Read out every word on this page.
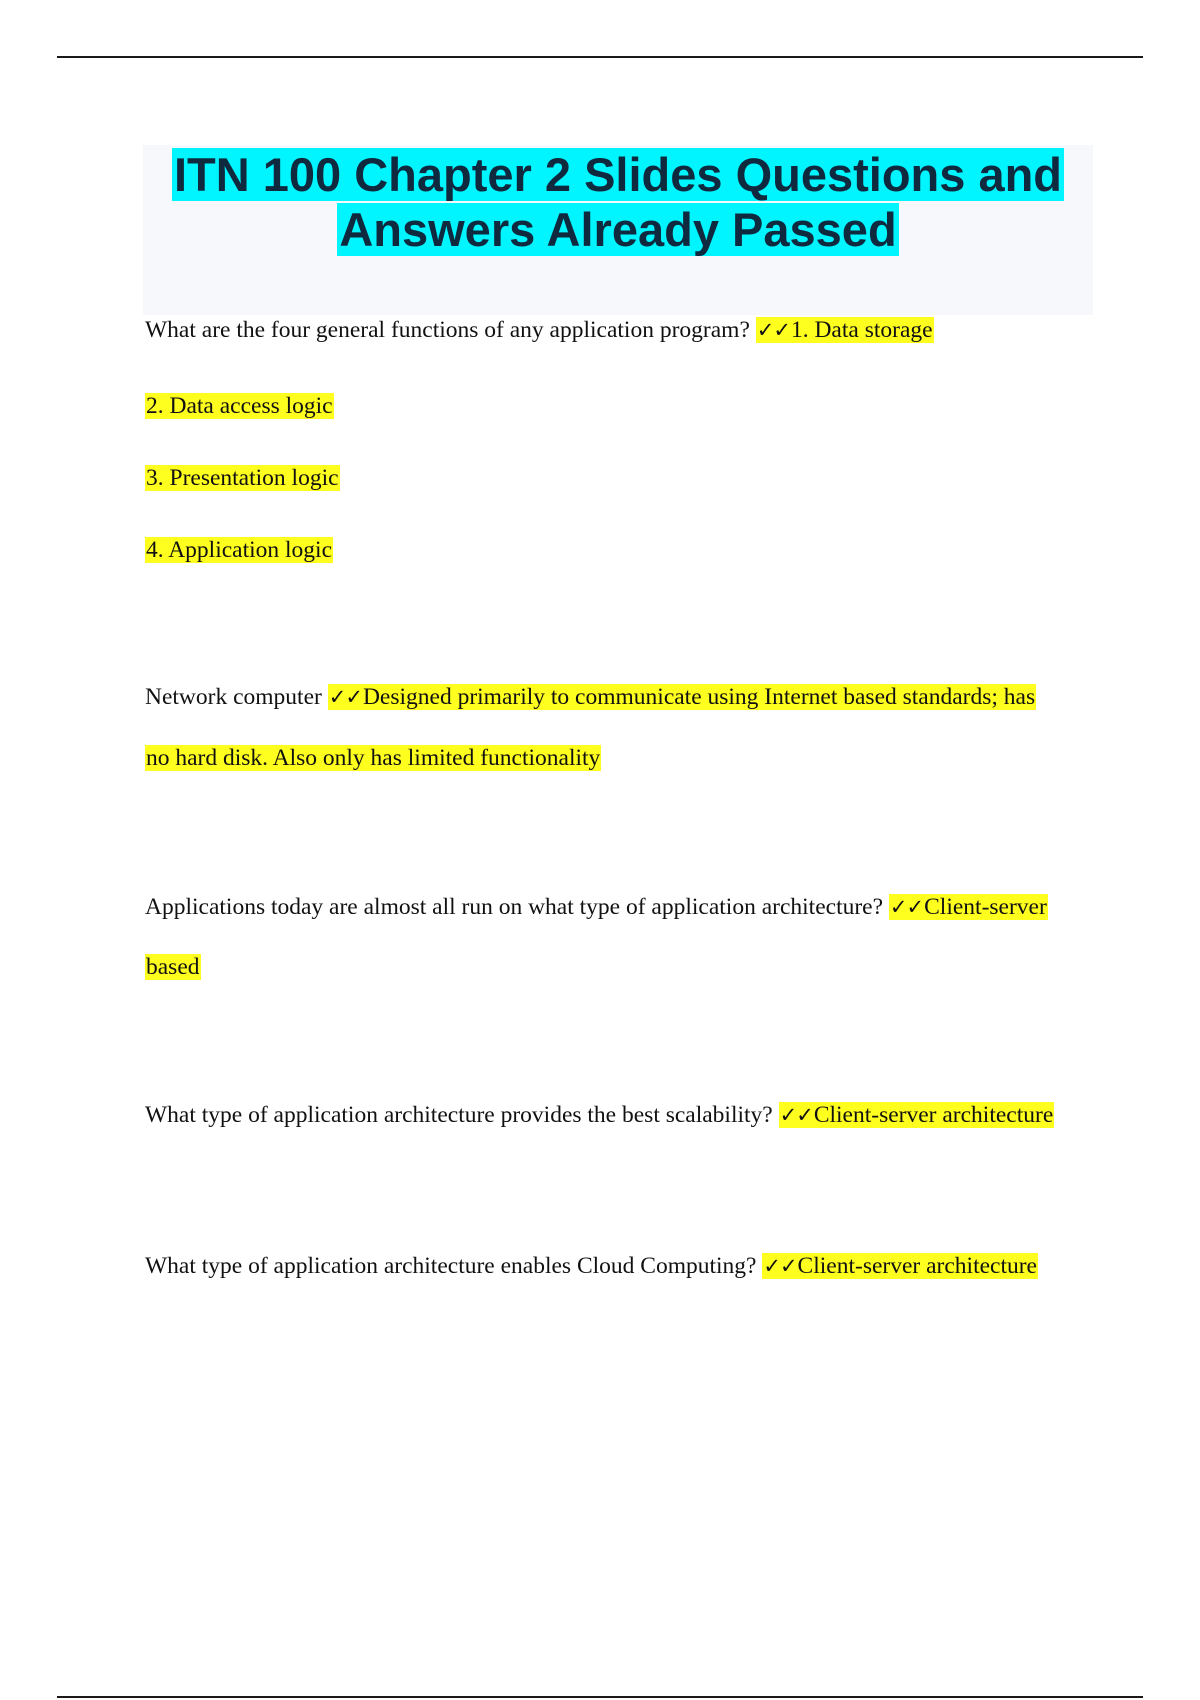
ITN 100 Chapter 2 Slides Questions and
Answers Already Passed
What are the four general functions of any application program? ✓✓1. Data storage
2. Data access logic
3. Presentation logic
4. Application logic
Network computer ✓✓Designed primarily to communicate using Internet based standards; has
no hard disk. Also only has limited functionality
Applications today are almost all run on what type of application architecture? ✓✓Client-server
based
What type of application architecture provides the best scalability? ✓✓Client-server architecture
What type of application architecture enables Cloud Computing? ✓✓Client-server architecture
